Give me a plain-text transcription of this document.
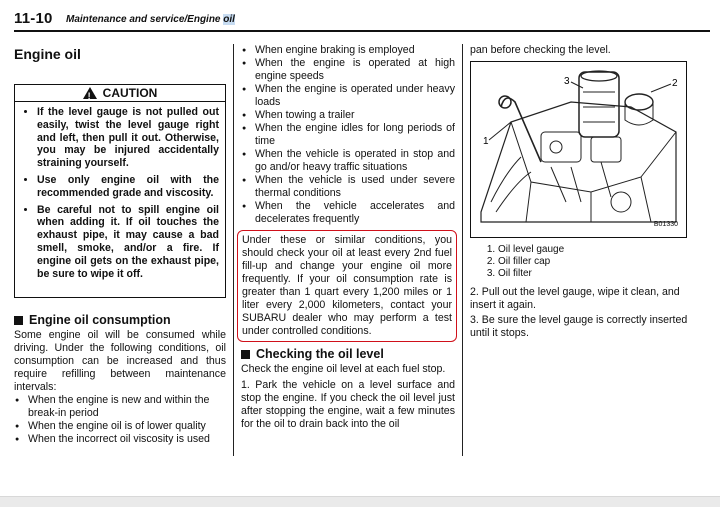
11-10 Maintenance and service/Engine oil
Engine oil
!
CAUTION
• If the level gauge is not pulled out easily, twist the level gauge right and left, then pull it out. Otherwise, you may be injured accidentally straining yourself.
• Use only engine oil with the recommended grade and viscosity.
• Be careful not to spill engine oil when adding it. If oil touches the exhaust pipe, it may cause a bad smell, smoke, and/or a fire. If engine oil gets on the exhaust pipe, be sure to wipe it off.
Engine oil consumption
Some engine oil will be consumed while driving. Under the following conditions, oil consumption can be increased and thus require refilling between maintenance intervals:
● When the engine is new and within the break-in period
● When the engine oil is of lower quality
● When the incorrect oil viscosity is used
● When engine braking is employed
● When the engine is operated at high engine speeds
● When the engine is operated under heavy loads
● When towing a trailer
● When the engine idles for long periods of time
● When the vehicle is operated in stop and go and/or heavy traffic situations
● When the vehicle is used under severe thermal conditions
● When the vehicle accelerates and decelerates frequently
Under these or similar conditions, you should check your oil at least every 2nd fuel fill-up and change your engine oil more frequently. If your oil consumption rate is greater than 1 quart every 1,200 miles or 1 liter every 2,000 kilometers, contact your SUBARU dealer who may perform a test under controlled conditions.
Checking the oil level
Check the engine oil level at each fuel stop.
1. Park the vehicle on a level surface and stop the engine. If you check the oil level just after stopping the engine, wait a few minutes for the oil to drain back into the oil
pan before checking the level.
1
2
3
B01330
1. Oil level gauge
2. Oil filler cap
3. Oil filter
2. Pull out the level gauge, wipe it clean, and insert it again.
3. Be sure the level gauge is correctly inserted until it stops.
